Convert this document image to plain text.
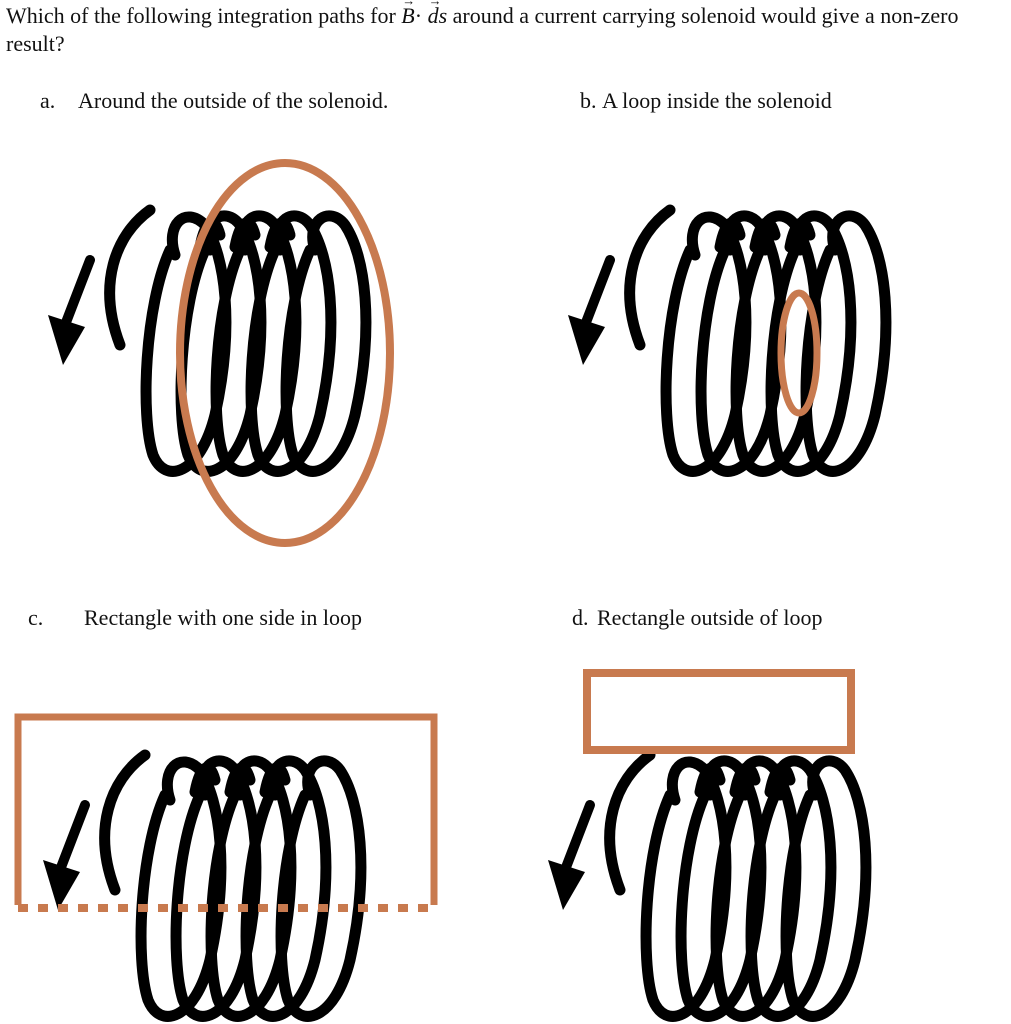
Which of the following integration paths for → B· → ds around a current carrying solenoid would give a non-zero result?
a. Around the outside of the solenoid.	b. A loop inside the solenoid
c. Rectangle with one side in loop	d. Rectangle outside of loop
